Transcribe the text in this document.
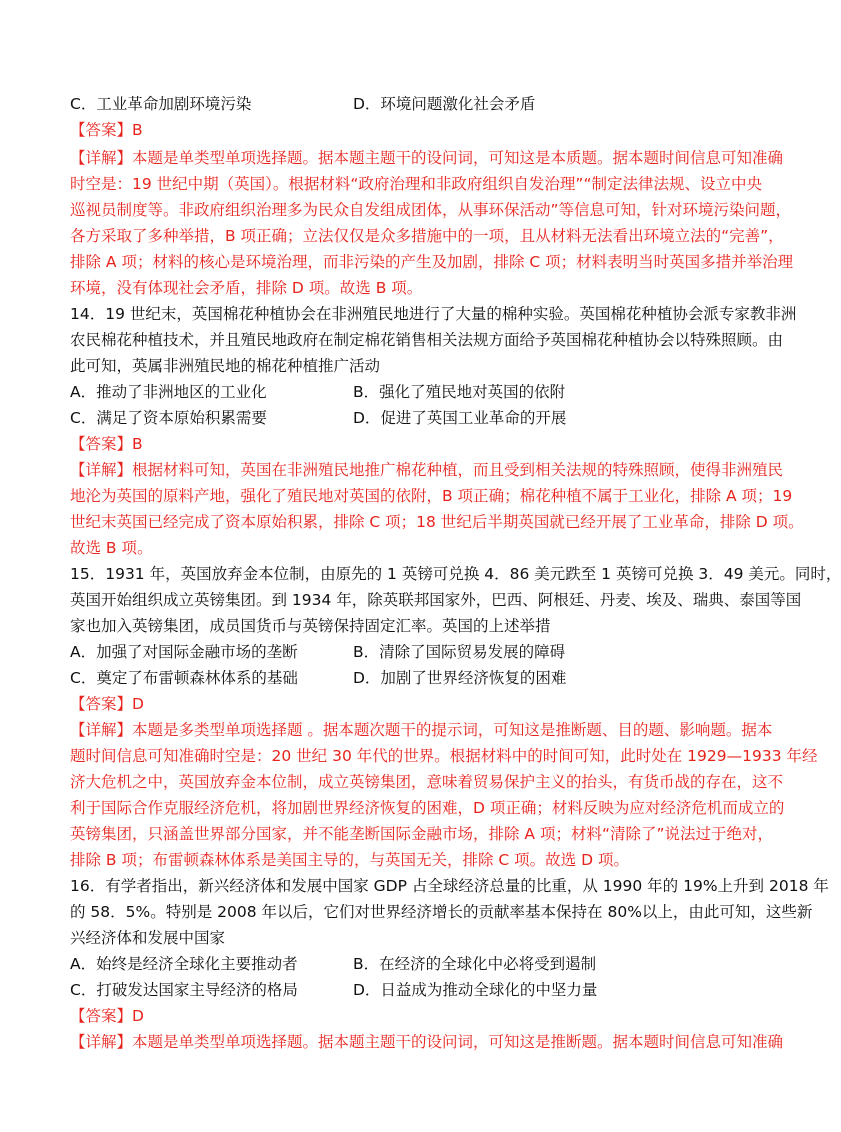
C．工业革命加剧环境污染	D．环境问题激化社会矛盾
【答案】B
【详解】本题是单类型单项选择题。据本题主题干的设问词，可知这是本质题。据本题时间信息可知准确
时空是：19 世纪中期（英国）。根据材料“政府治理和非政府组织自发治理”“制定法律法规、设立中央
巡视员制度等。非政府组织治理多为民众自发组成团体，从事环保活动”等信息可知，针对环境污染问题，
各方采取了多种举措，B 项正确；立法仅仅是众多措施中的一项，且从材料无法看出环境立法的“完善”，
排除 A 项；材料的核心是环境治理，而非污染的产生及加剧，排除 C 项；材料表明当时英国多措并举治理
环境，没有体现社会矛盾，排除 D 项。故选 B 项。
14．19 世纪末，英国棉花种植协会在非洲殖民地进行了大量的棉种实验。英国棉花种植协会派专家教非洲
农民棉花种植技术，并且殖民地政府在制定棉花销售相关法规方面给予英国棉花种植协会以特殊照顾。由
此可知，英属非洲殖民地的棉花种植推广活动
A．推动了非洲地区的工业化	B．强化了殖民地对英国的依附
C．满足了资本原始积累需要	D．促进了英国工业革命的开展
【答案】B
【详解】根据材料可知，英国在非洲殖民地推广棉花种植，而且受到相关法规的特殊照顾，使得非洲殖民
地沦为英国的原料产地，强化了殖民地对英国的依附，B 项正确；棉花种植不属于工业化，排除 A 项；19
世纪末英国已经完成了资本原始积累，排除 C 项；18 世纪后半期英国就已经开展了工业革命，排除 D 项。
故选 B 项。
15．1931 年，英国放弃金本位制，由原先的 1 英镑可兑换 4．86 美元跌至 1 英镑可兑换 3．49 美元。同时，
英国开始组织成立英镑集团。到 1934 年，除英联邦国家外，巴西、阿根廷、丹麦、埃及、瑞典、泰国等国
家也加入英镑集团，成员国货币与英镑保持固定汇率。英国的上述举措
A．加强了对国际金融市场的垄断	B．清除了国际贸易发展的障碍
C．奠定了布雷顿森林体系的基础	D．加剧了世界经济恢复的困难
【答案】D
【详解】本题是多类型单项选择题 。据本题次题干的提示词，可知这是推断题、目的题、影响题。据本
题时间信息可知准确时空是：20 世纪 30 年代的世界。根据材料中的时间可知，此时处在 1929—1933 年经
济大危机之中，英国放弃金本位制，成立英镑集团，意味着贸易保护主义的抬头，有货币战的存在，这不
利于国际合作克服经济危机，将加剧世界经济恢复的困难，D 项正确；材料反映为应对经济危机而成立的
英镑集团，只涵盖世界部分国家，并不能垄断国际金融市场，排除 A 项；材料“清除了”说法过于绝对，
排除 B 项；布雷顿森林体系是美国主导的，与英国无关，排除 C 项。故选 D 项。
16．有学者指出，新兴经济体和发展中国家 GDP 占全球经济总量的比重，从 1990 年的 19%上升到 2018 年
的 58．5%。特别是 2008 年以后，它们对世界经济增长的贡献率基本保持在 80%以上，由此可知，这些新
兴经济体和发展中国家
A．始终是经济全球化主要推动者	B．在经济的全球化中必将受到遏制
C．打破发达国家主导经济的格局	D．日益成为推动全球化的中坚力量
【答案】D
【详解】本题是单类型单项选择题。据本题主题干的设问词，可知这是推断题。据本题时间信息可知准确
